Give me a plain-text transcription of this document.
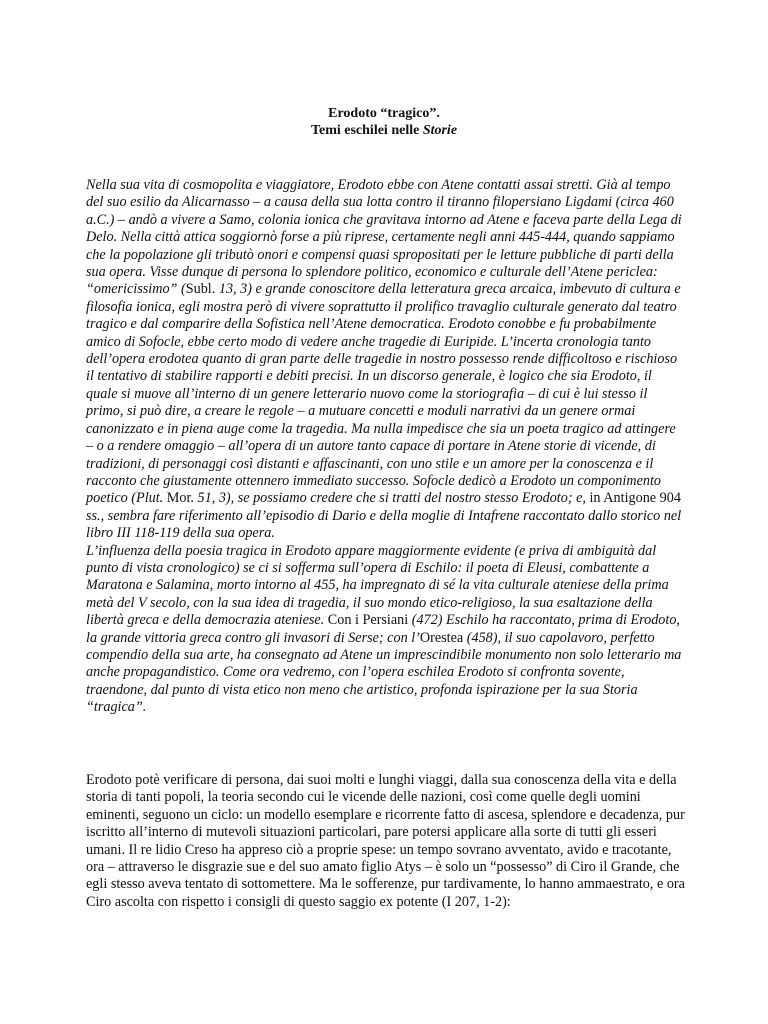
Erodoto “tragico”.
Temi eschilei nelle Storie
Nella sua vita di cosmopolita e viaggiatore, Erodoto ebbe con Atene contatti assai stretti. Già al tempo del suo esilio da Alicarnasso – a causa della sua lotta contro il tiranno filopersiano Ligdami (circa 460 a.C.) – andò a vivere a Samo, colonia ionica che gravitava intorno ad Atene e faceva parte della Lega di Delo. Nella città attica soggiornò forse a più riprese, certamente negli anni 445-444, quando sappiamo che la popolazione gli tributò onori e compensi quasi spropositati per le letture pubbliche di parti della sua opera. Visse dunque di persona lo splendore politico, economico e culturale dell’Atene periclea: “omericissimo” (Subl. 13, 3) e grande conoscitore della letteratura greca arcaica, imbevuto di cultura e filosofia ionica, egli mostra però di vivere soprattutto il prolifico travaglio culturale generato dal teatro tragico e dal comparire della Sofistica nell’Atene democratica. Erodoto conobbe e fu probabilmente amico di Sofocle, ebbe certo modo di vedere anche tragedie di Euripide. L’incerta cronologia tanto dell’opera erodotea quanto di gran parte delle tragedie in nostro possesso rende difficoltoso e rischioso il tentativo di stabilire rapporti e debiti precisi. In un discorso generale, è logico che sia Erodoto, il quale si muove all’interno di un genere letterario nuovo come la storiografia – di cui è lui stesso il primo, si può dire, a creare le regole – a mutuare concetti e moduli narrativi da un genere ormai canonizzato e in piena auge come la tragedia. Ma nulla impedisce che sia un poeta tragico ad attingere – o a rendere omaggio – all’opera di un autore tanto capace di portare in Atene storie di vicende, di tradizioni, di personaggi così distanti e affascinanti, con uno stile e un amore per la conoscenza e il racconto che giustamente ottennero immediato successo. Sofocle dedicò a Erodoto un componimento poetico (Plut. Mor. 51, 3), se possiamo credere che si tratti del nostro stesso Erodoto; e, in Antigone 904 ss., sembra fare riferimento all’episodio di Dario e della moglie di Intafrene raccontato dallo storico nel libro III 118-119 della sua opera.
L’influenza della poesia tragica in Erodoto appare maggiormente evidente (e priva di ambiguità dal punto di vista cronologico) se ci si sofferma sull’opera di Eschilo: il poeta di Eleusi, combattente a Maratona e Salamina, morto intorno al 455, ha impregnato di sé la vita culturale ateniese della prima metà del V secolo, con la sua idea di tragedia, il suo mondo etico-religioso, la sua esaltazione della libertà greca e della democrazia ateniese. Con i Persiani (472) Eschilo ha raccontato, prima di Erodoto, la grande vittoria greca contro gli invasori di Serse; con l’Orestea (458), il suo capolavoro, perfetto compendio della sua arte, ha consegnato ad Atene un imprescindibile monumento non solo letterario ma anche propagandistico. Come ora vedremo, con l’opera eschilea Erodoto si confronta sovente, traendone, dal punto di vista etico non meno che artistico, profonda ispirazione per la sua Storia “tragica”.
Erodoto potè verificare di persona, dai suoi molti e lunghi viaggi, dalla sua conoscenza della vita e della storia di tanti popoli, la teoria secondo cui le vicende delle nazioni, così come quelle degli uomini eminenti, seguono un ciclo: un modello esemplare e ricorrente fatto di ascesa, splendore e decadenza, pur iscritto all’interno di mutevoli situazioni particolari, pare potersi applicare alla sorte di tutti gli esseri umani. Il re lidio Creso ha appreso ciò a proprie spese: un tempo sovrano avventato, avido e tracotante, ora – attraverso le disgrazie sue e del suo amato figlio Atys – è solo un “possesso” di Ciro il Grande, che egli stesso aveva tentato di sottomettere. Ma le sofferenze, pur tardivamente, lo hanno ammaestrato, e ora Ciro ascolta con rispetto i consigli di questo saggio ex potente (I 207, 1-2):
